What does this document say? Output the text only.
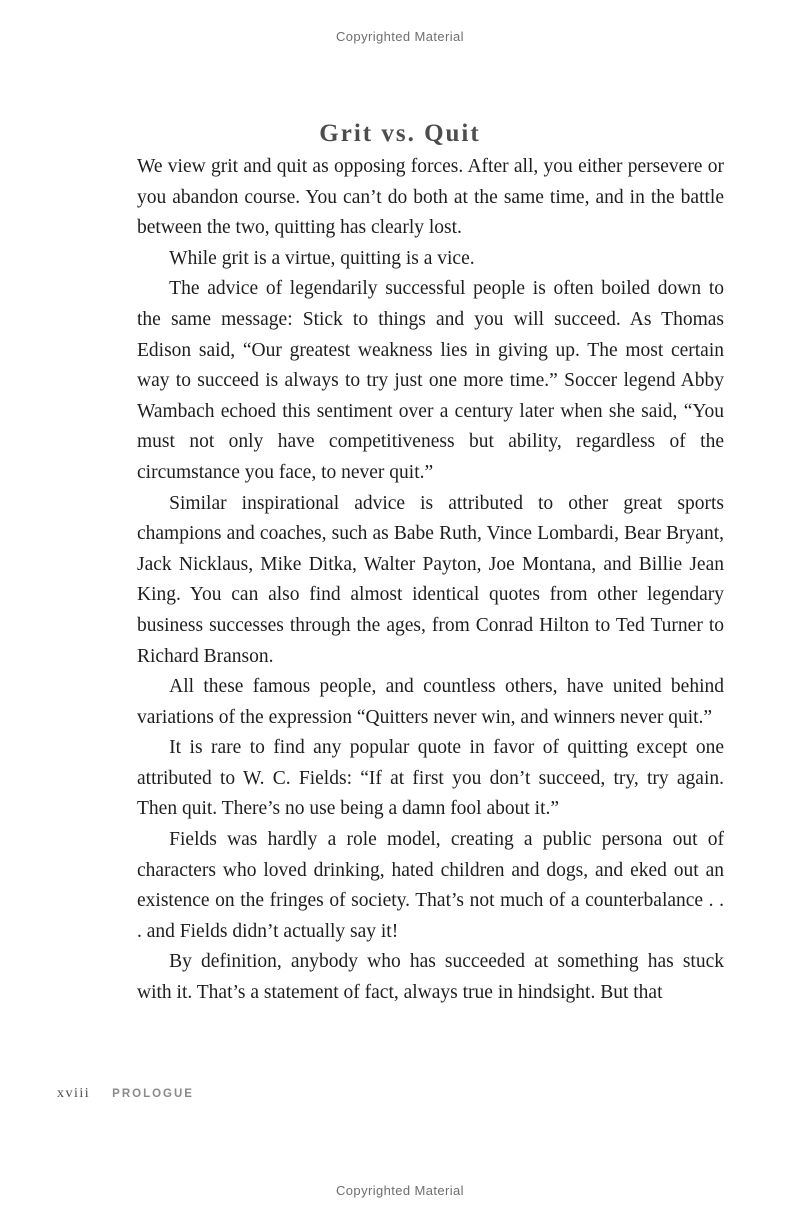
Copyrighted Material
Grit vs. Quit

We view grit and quit as opposing forces. After all, you either persevere or you abandon course. You can’t do both at the same time, and in the battle between the two, quitting has clearly lost.

While grit is a virtue, quitting is a vice.

The advice of legendarily successful people is often boiled down to the same message: Stick to things and you will succeed. As Thomas Edison said, “Our greatest weakness lies in giving up. The most certain way to succeed is always to try just one more time.” Soccer legend Abby Wambach echoed this sentiment over a century later when she said, “You must not only have competitiveness but ability, regardless of the circumstance you face, to never quit.”

Similar inspirational advice is attributed to other great sports champions and coaches, such as Babe Ruth, Vince Lombardi, Bear Bryant, Jack Nicklaus, Mike Ditka, Walter Payton, Joe Montana, and Billie Jean King. You can also find almost identical quotes from other legendary business successes through the ages, from Conrad Hilton to Ted Turner to Richard Branson.

All these famous people, and countless others, have united behind variations of the expression “Quitters never win, and winners never quit.”

It is rare to find any popular quote in favor of quitting except one attributed to W. C. Fields: “If at first you don’t succeed, try, try again. Then quit. There’s no use being a damn fool about it.”

Fields was hardly a role model, creating a public persona out of characters who loved drinking, hated children and dogs, and eked out an existence on the fringes of society. That’s not much of a counterbalance . . . and Fields didn’t actually say it!

By definition, anybody who has succeeded at something has stuck with it. That’s a statement of fact, always true in hindsight. But that

xviii PROLOGUE
Copyrighted Material
